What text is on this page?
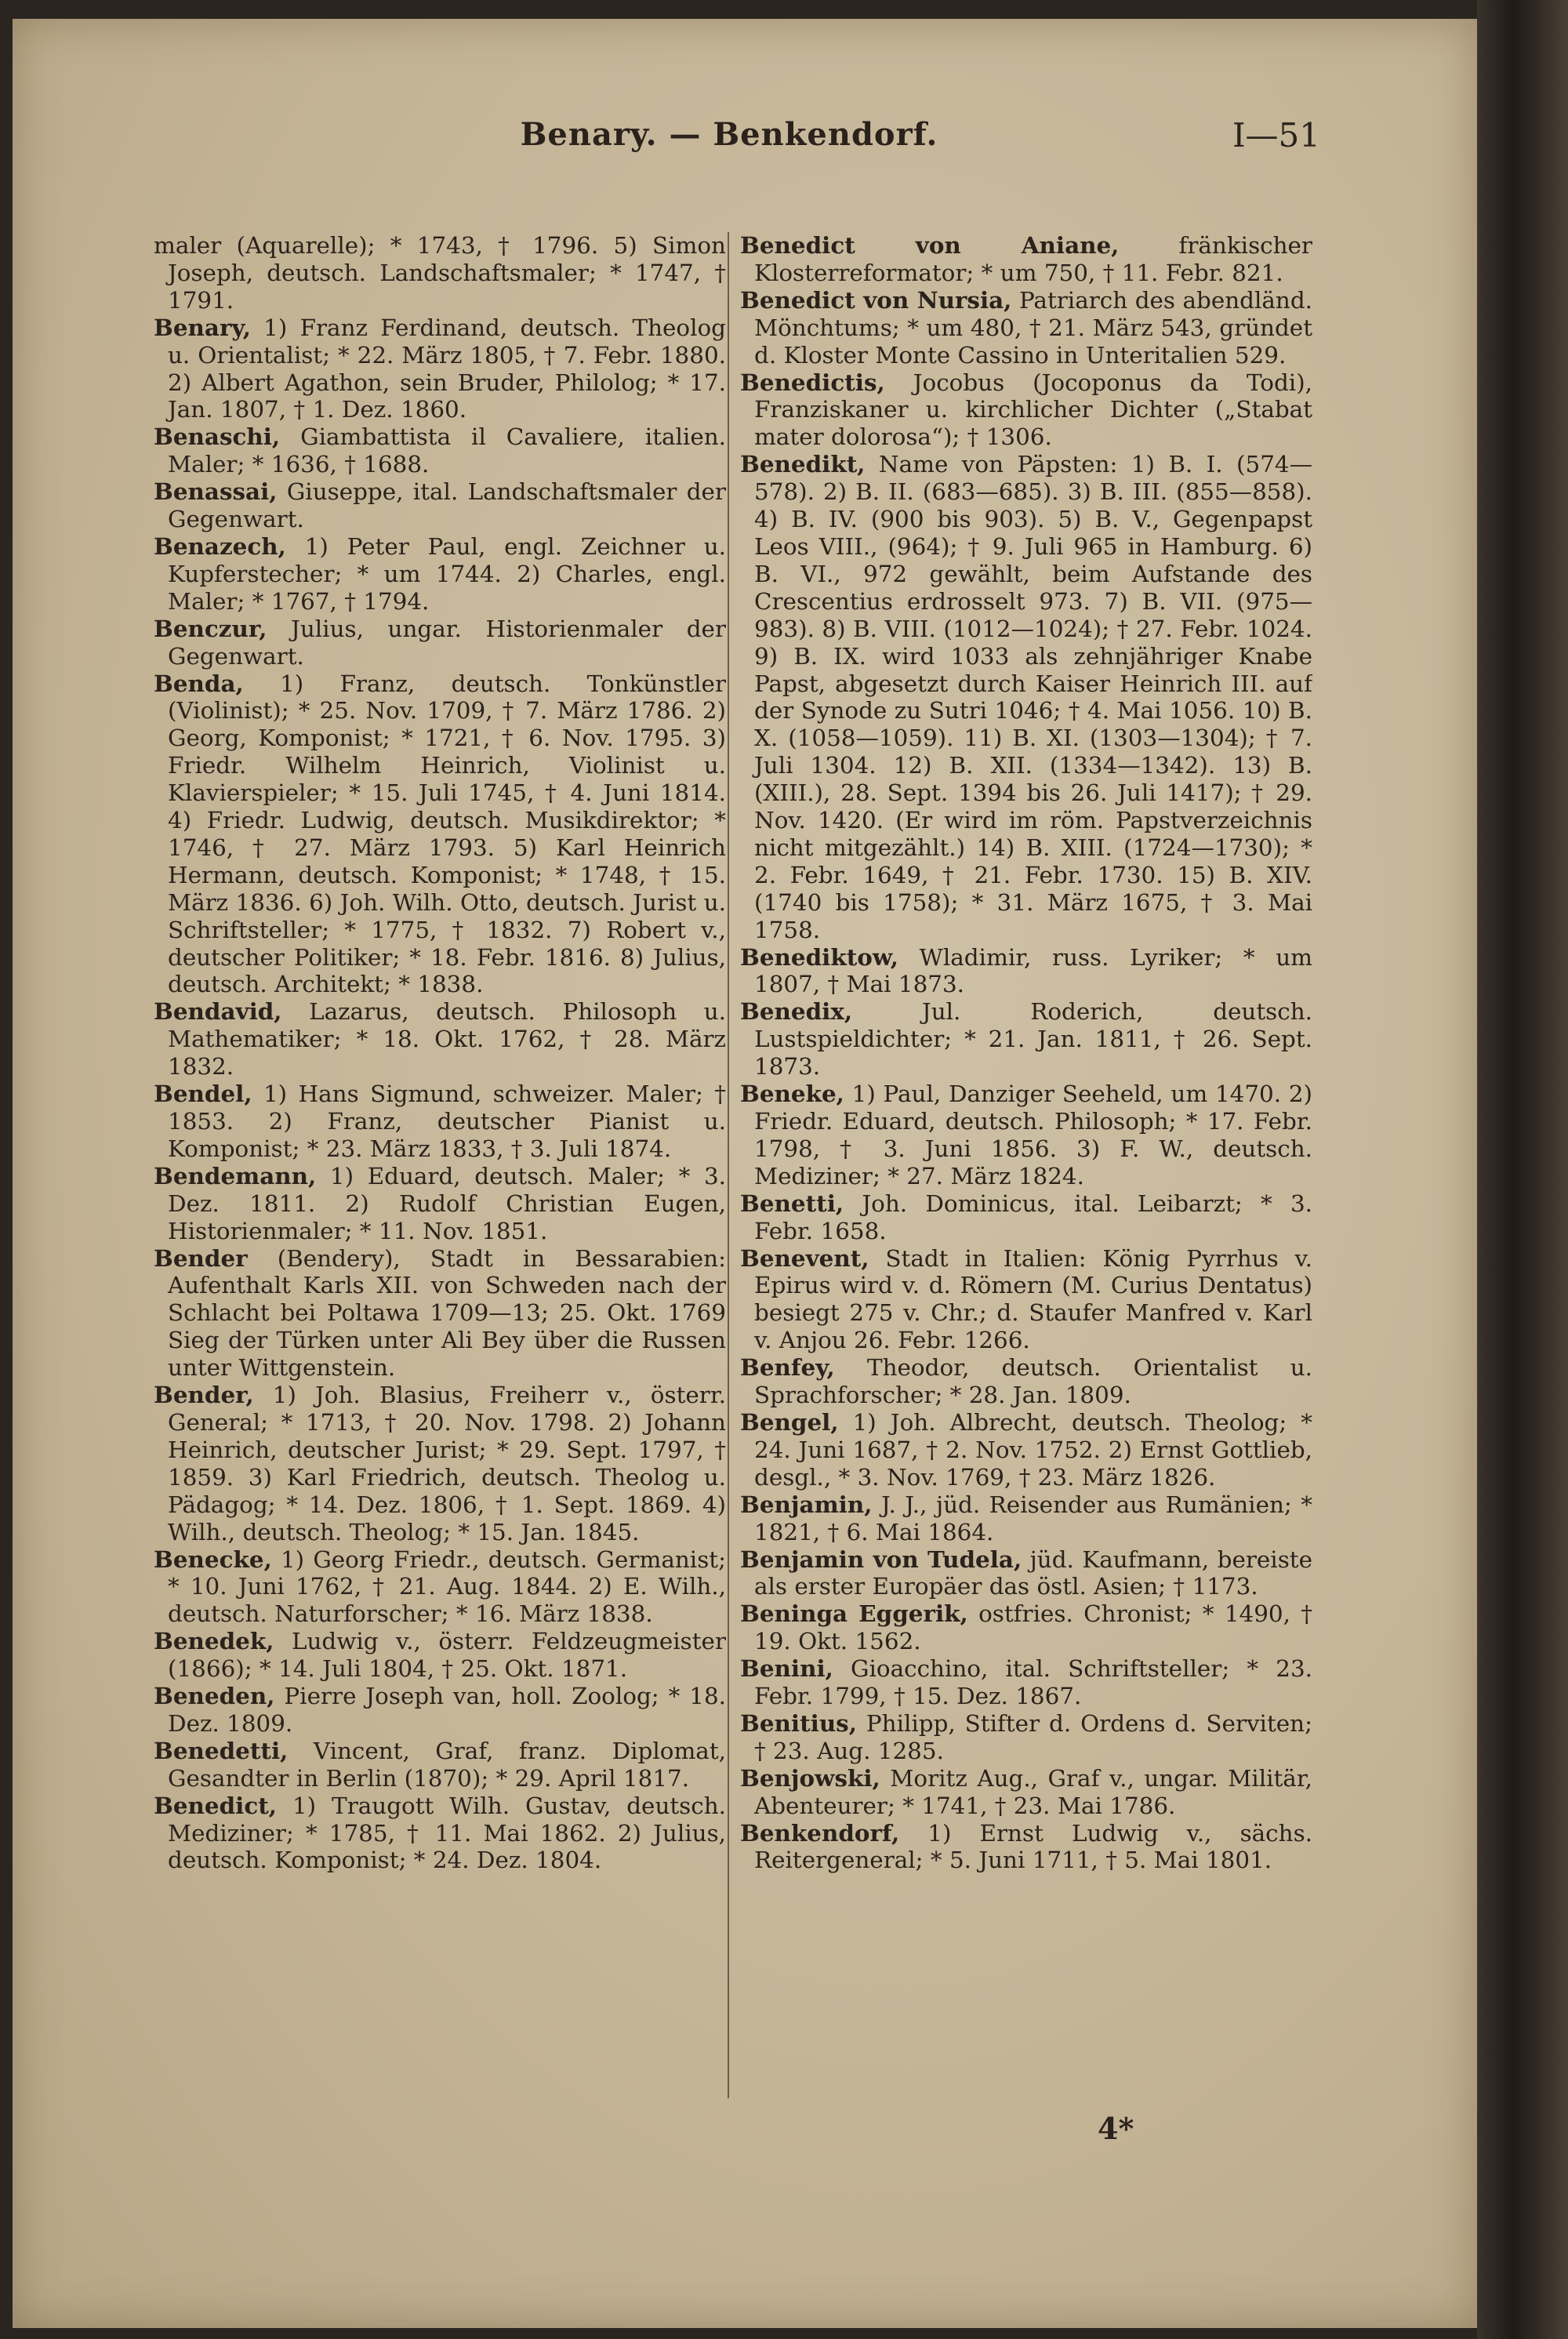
Benary. — Benkendorf.	I—51

maler (Aquarelle); * 1743, † 1796. 5) Simon Joseph, deutsch. Landschaftsmaler; * 1747, † 1791.

Benary, 1) Franz Ferdinand, deutsch. Theolog u. Orientalist; * 22. März 1805, † 7. Febr. 1880. 2) Albert Agathon, sein Bruder, Philolog; * 17. Jan. 1807, † 1. Dez. 1860.

Benaschi, Giambattista il Cavaliere, italien. Maler; * 1636, † 1688.

Benassai, Giuseppe, ital. Landschaftsmaler der Gegenwart.

Benazech, 1) Peter Paul, engl. Zeichner u. Kupferstecher; * um 1744. 2) Charles, engl. Maler; * 1767, † 1794.

Benczur, Julius, ungar. Historienmaler der Gegenwart.

Benda, 1) Franz, deutsch. Tonkünstler (Violinist); * 25. Nov. 1709, † 7. März 1786. 2) Georg, Komponist; * 1721, † 6. Nov. 1795. 3) Friedr. Wilhelm Heinrich, Violinist u. Klavierspieler; * 15. Juli 1745, † 4. Juni 1814. 4) Friedr. Ludwig, deutsch. Musikdirektor; * 1746, † 27. März 1793. 5) Karl Heinrich Hermann, deutsch. Komponist; * 1748, † 15. März 1836. 6) Joh. Wilh. Otto, deutsch. Jurist u. Schriftsteller; * 1775, † 1832. 7) Robert v., deutscher Politiker; * 18. Febr. 1816. 8) Julius, deutsch. Architekt; * 1838.

Bendavid, Lazarus, deutsch. Philosoph u. Mathematiker; * 18. Okt. 1762, † 28. März 1832.

Bendel, 1) Hans Sigmund, schweizer. Maler; † 1853. 2) Franz, deutscher Pianist u. Komponist; * 23. März 1833, † 3. Juli 1874.

Bendemann, 1) Eduard, deutsch. Maler; * 3. Dez. 1811. 2) Rudolf Christian Eugen, Historienmaler; * 11. Nov. 1851.

Bender (Bendery), Stadt in Bessarabien: Aufenthalt Karls XII. von Schweden nach der Schlacht bei Poltawa 1709—13; 25. Okt. 1769 Sieg der Türken unter Ali Bey über die Russen unter Wittgenstein.

Bender, 1) Joh. Blasius, Freiherr v., österr. General; * 1713, † 20. Nov. 1798. 2) Johann Heinrich, deutscher Jurist; * 29. Sept. 1797, † 1859. 3) Karl Friedrich, deutsch. Theolog u. Pädagog; * 14. Dez. 1806, † 1. Sept. 1869. 4) Wilh., deutsch. Theolog; * 15. Jan. 1845.

Benecke, 1) Georg Friedr., deutsch. Germanist; * 10. Juni 1762, † 21. Aug. 1844. 2) E. Wilh., deutsch. Naturforscher; * 16. März 1838.

Benedek, Ludwig v., österr. Feldzeugmeister (1866); * 14. Juli 1804, † 25. Okt. 1871.

Beneden, Pierre Joseph van, holl. Zoolog; * 18. Dez. 1809.

Benedetti, Vincent, Graf, franz. Diplomat, Gesandter in Berlin (1870); * 29. April 1817.

Benedict, 1) Traugott Wilh. Gustav, deutsch. Mediziner; * 1785, † 11. Mai 1862. 2) Julius, deutsch. Komponist; * 24. Dez. 1804.

Benedict von Aniane, fränkischer Klosterreformator; * um 750, † 11. Febr. 821.

Benedict von Nursia, Patriarch des abendländ. Mönchtums; * um 480, † 21. März 543, gründet d. Kloster Monte Cassino in Unteritalien 529.

Benedictis, Jocobus (Jocoponus da Todi), Franziskaner u. kirchlicher Dichter („Stabat mater dolorosa“); † 1306.

Benedikt, Name von Päpsten: 1) B. I. (574—578). 2) B. II. (683—685). 3) B. III. (855—858). 4) B. IV. (900 bis 903). 5) B. V., Gegenpapst Leos VIII., (964); † 9. Juli 965 in Hamburg. 6) B. VI., 972 gewählt, beim Aufstande des Crescentius erdrosselt 973. 7) B. VII. (975—983). 8) B. VIII. (1012—1024); † 27. Febr. 1024. 9) B. IX. wird 1033 als zehnjähriger Knabe Papst, abgesetzt durch Kaiser Heinrich III. auf der Synode zu Sutri 1046; † 4. Mai 1056. 10) B. X. (1058—1059). 11) B. XI. (1303—1304); † 7. Juli 1304. 12) B. XII. (1334—1342). 13) B. (XIII.), 28. Sept. 1394 bis 26. Juli 1417); † 29. Nov. 1420. (Er wird im röm. Papstverzeichnis nicht mitgezählt.) 14) B. XIII. (1724—1730); * 2. Febr. 1649, † 21. Febr. 1730. 15) B. XIV. (1740 bis 1758); * 31. März 1675, † 3. Mai 1758.

Benediktow, Wladimir, russ. Lyriker; * um 1807, † Mai 1873.

Benedix, Jul. Roderich, deutsch. Lustspieldichter; * 21. Jan. 1811, † 26. Sept. 1873.

Beneke, 1) Paul, Danziger Seeheld, um 1470. 2) Friedr. Eduard, deutsch. Philosoph; * 17. Febr. 1798, † 3. Juni 1856. 3) F. W., deutsch. Mediziner; * 27. März 1824.

Benetti, Joh. Dominicus, ital. Leibarzt; * 3. Febr. 1658.

Benevent, Stadt in Italien: König Pyrrhus v. Epirus wird v. d. Römern (M. Curius Dentatus) besiegt 275 v. Chr.; d. Staufer Manfred v. Karl v. Anjou 26. Febr. 1266.

Benfey, Theodor, deutsch. Orientalist u. Sprachforscher; * 28. Jan. 1809.

Bengel, 1) Joh. Albrecht, deutsch. Theolog; * 24. Juni 1687, † 2. Nov. 1752. 2) Ernst Gottlieb, desgl., * 3. Nov. 1769, † 23. März 1826.

Benjamin, J. J., jüd. Reisender aus Rumänien; * 1821, † 6. Mai 1864.

Benjamin von Tudela, jüd. Kaufmann, bereiste als erster Europäer das östl. Asien; † 1173.

Beninga Eggerik, ostfries. Chronist; * 1490, † 19. Okt. 1562.

Benini, Gioacchino, ital. Schriftsteller; * 23. Febr. 1799, † 15. Dez. 1867.

Benitius, Philipp, Stifter d. Ordens d. Serviten; † 23. Aug. 1285.

Benjowski, Moritz Aug., Graf v., ungar. Militär, Abenteurer; * 1741, † 23. Mai 1786.

Benkendorf, 1) Ernst Ludwig v., sächs. Reitergeneral; * 5. Juni 1711, † 5. Mai 1801.

4*
